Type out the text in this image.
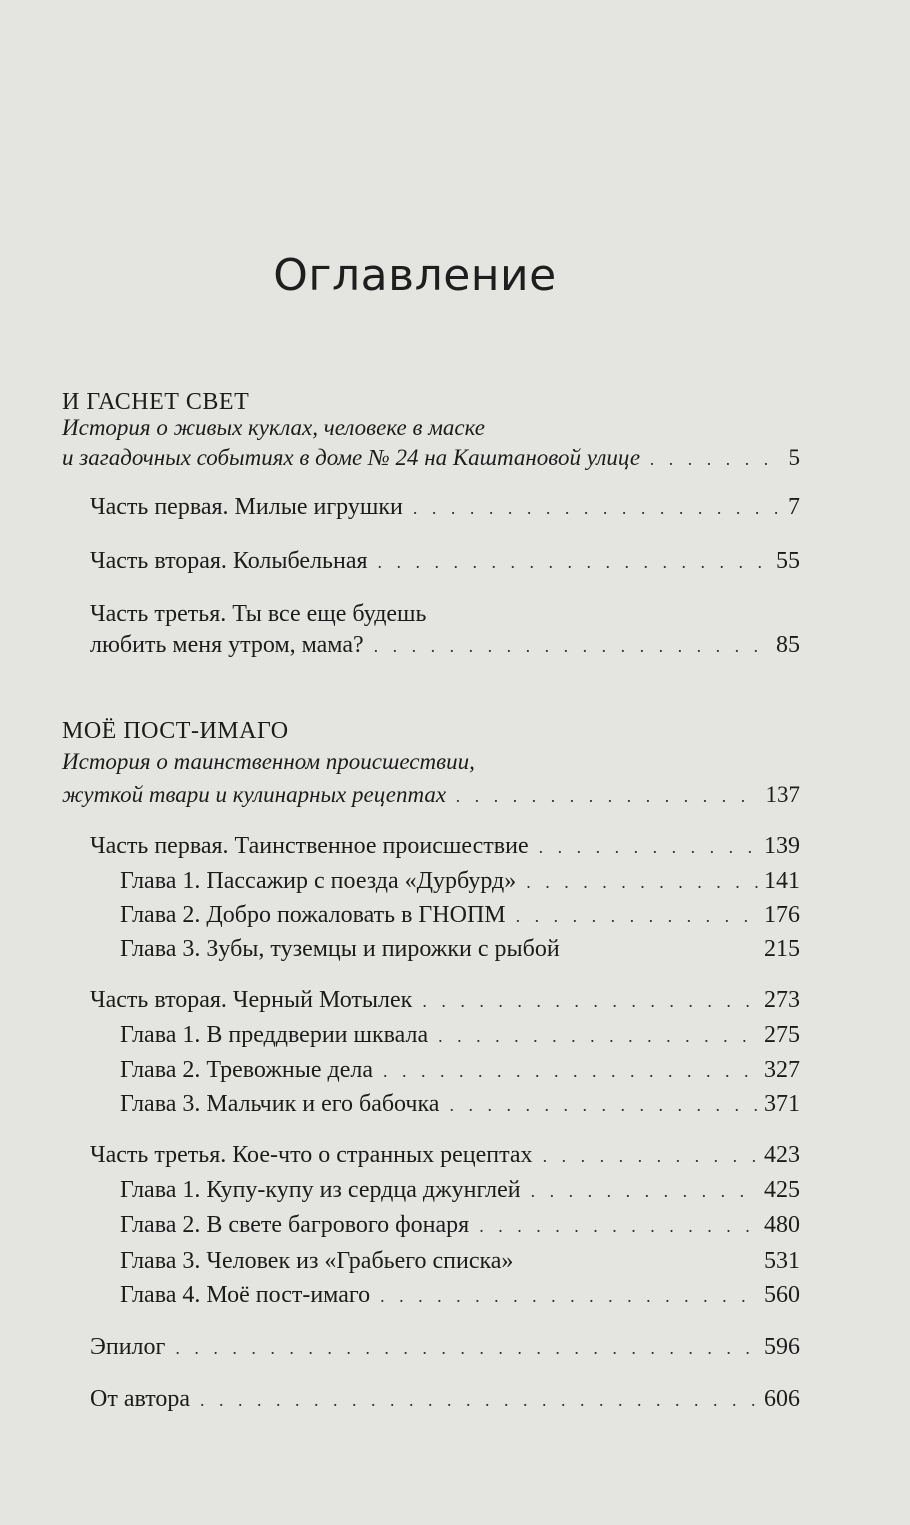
Оглавление
И ГАСНЕТ СВЕТ
История о живых куклах, человеке в маске
и загадочных событиях в доме № 24 на Каштановой улице . . .	5
Часть первая. Милые игрушки . . .	7
Часть вторая. Колыбельная . . .	55
Часть третья. Ты все еще будешь
любить меня утром, мама? . . .	85
МОЁ ПОСТ-ИМАГО
История о таинственном происшествии,
жуткой твари и кулинарных рецептах . . .	137
Часть первая. Таинственное происшествие . . .	139
Глава 1. Пассажир с поезда «Дурбурд» . . .	141
Глава 2. Добро пожаловать в ГНОПМ . . .	176
Глава 3. Зубы, туземцы и пирожки с рыбой	215
Часть вторая. Черный Мотылек . . .	273
Глава 1. В преддверии шквала . . .	275
Глава 2. Тревожные дела . . .	327
Глава 3. Мальчик и его бабочка . . .	371
Часть третья. Кое-что о странных рецептах . . .	423
Глава 1. Купу-купу из сердца джунглей . . .	425
Глава 2. В свете багрового фонаря . . .	480
Глава 3. Человек из «Грабьего списка»	531
Глава 4. Моё пост-имаго . . .	560
Эпилог . . .	596
От автора . . .	606
